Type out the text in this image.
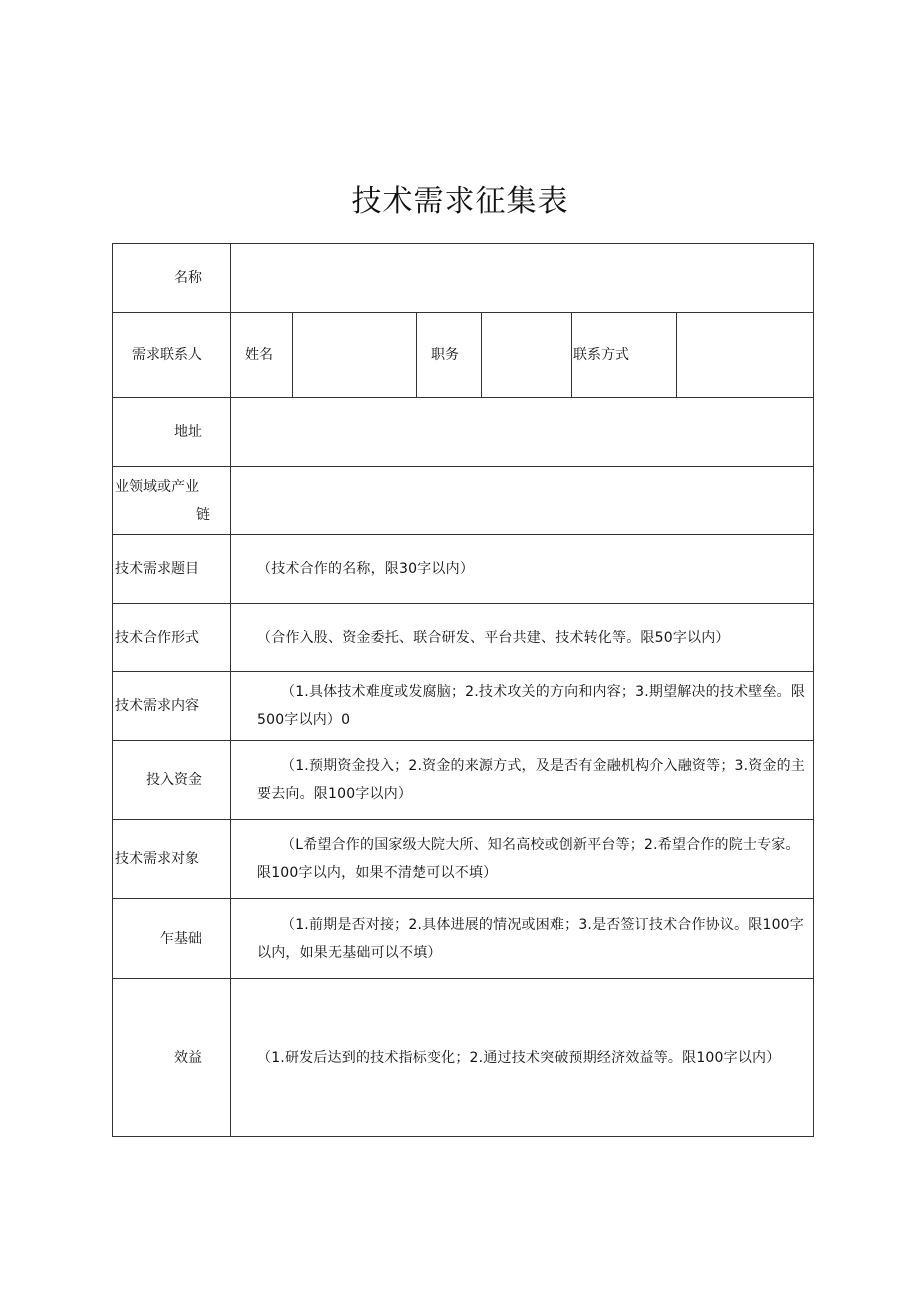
技术需求征集表
名称						
需求联系人	姓名		职务		联系方式	
地址						

业领域或产业
链						

技术需求题目	（技术合作的名称，限30字以内）					
技术合作形式	（合作入股、资金委托、联合研发、平台共建、技术转化等。限50字以内）					
技术需求内容	（1.具体技术难度或发腐脑；2.技术攻关的方向和内容；3.期望解决的技术壁垒。限500字以内）0					
投入资金	（1.预期资金投入；2.资金的来源方式，及是否有金融机构介入融资等；3.资金的主要去向。限100字以内）					
技术需求对象	（L希望合作的国家级大院大所、知名高校或创新平台等；2.希望合作的院士专家。限100字以内，如果不清楚可以不填）					
乍基础	（1.前期是否对接；2.具体进展的情况或困难；3.是否签订技术合作协议。限100字以内，如果无基础可以不填）					
效益	（1.研发后达到的技术指标变化；2.通过技术突破预期经济效益等。限100字以内）					
